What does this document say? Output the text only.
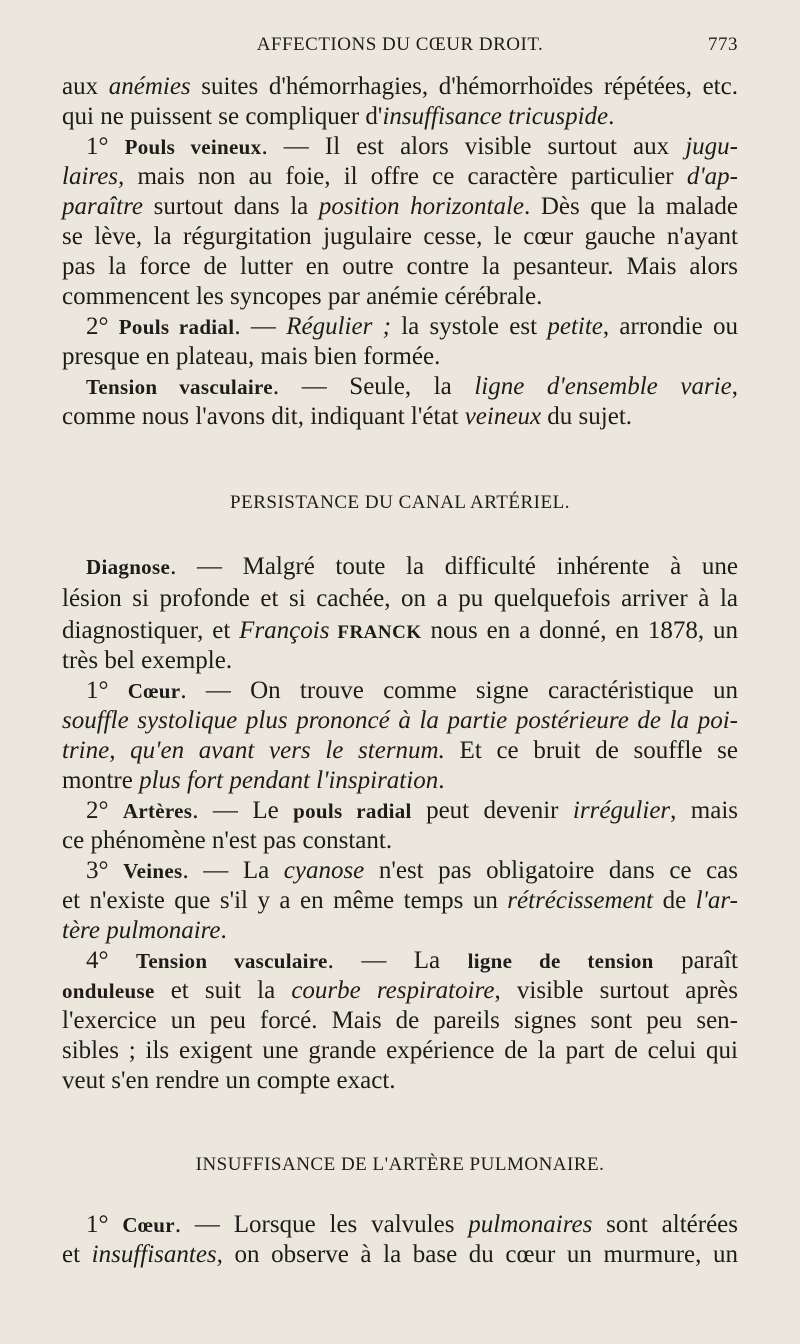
AFFECTIONS DU CŒUR DROIT.	773
aux anémies suites d'hémorrhagies, d'hémorrhoïdes répétées, etc.
qui ne puissent se compliquer d'insuffisance tricuspide.
1° Pouls veineux. — Il est alors visible surtout aux jugu-
laires, mais non au foie, il offre ce caractère particulier d'ap-
paraître surtout dans la position horizontale. Dès que la malade
se lève, la régurgitation jugulaire cesse, le cœur gauche n'ayant
pas la force de lutter en outre contre la pesanteur. Mais alors
commencent les syncopes par anémie cérébrale.
2° Pouls radial. — Régulier ; la systole est petite, arrondie ou
presque en plateau, mais bien formée.
Tension vasculaire. — Seule, la ligne d'ensemble varie,
comme nous l'avons dit, indiquant l'état veineux du sujet.
PERSISTANCE DU CANAL ARTÉRIEL.
Diagnose. — Malgré toute la difficulté inhérente à une
lésion si profonde et si cachée, on a pu quelquefois arriver à la
diagnostiquer, et François FRANCK nous en a donné, en 1878, un
très bel exemple.
1° Cœur. — On trouve comme signe caractéristique un
souffle systolique plus prononcé à la partie postérieure de la poi-
trine, qu'en avant vers le sternum. Et ce bruit de souffle se
montre plus fort pendant l'inspiration.
2° Artères. — Le pouls radial peut devenir irrégulier, mais
ce phénomène n'est pas constant.
3° Veines. — La cyanose n'est pas obligatoire dans ce cas
et n'existe que s'il y a en même temps un rétrécissement de l'ar-
tère pulmonaire.
4° Tension vasculaire. — La ligne de tension paraît
onduleuse et suit la courbe respiratoire, visible surtout après
l'exercice un peu forcé. Mais de pareils signes sont peu sen-
sibles ; ils exigent une grande expérience de la part de celui qui
veut s'en rendre un compte exact.
INSUFFISANCE DE L'ARTÈRE PULMONAIRE.
1° Cœur. — Lorsque les valvules pulmonaires sont altérées
et insuffisantes, on observe à la base du cœur un murmure, un
